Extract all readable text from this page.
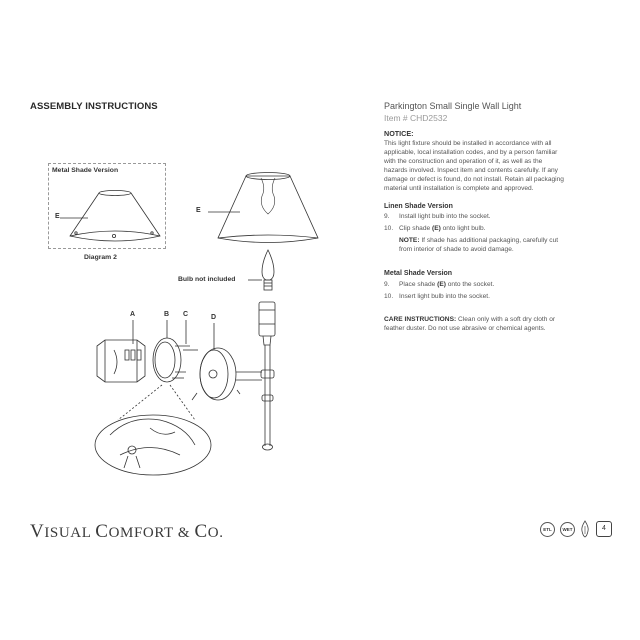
ASSEMBLY INSTRUCTIONS	Parkington Small Single Wall Light
Item # CHD2532
NOTICE:
This light fixture should be installed in accordance with all
applicable, local installation codes, and by a person familiar
with the construction and operation of it, as well as the
hazards involved. Inspect item and contents carefully. If any
damage or defect is found, do not install. Retain all packaging
material until installation is complete and approved.
Linen Shade Version
9. Install light bulb into the socket.
10. Clip shade (E) onto light bulb.
NOTE: If shade has additional packaging, carefully cut
from interior of shade to avoid damage.
Metal Shade Version
9. Place shade (E) onto the socket.
10. Insert light bulb into the socket.
CARE INSTRUCTIONS: Clean only with a soft dry cloth or
feather duster. Do not use abrasive or chemical agents.
Metal Shade Version
Diagram 2
Bulb not included
E
E
A	B C	D
VISUAL COMFORT & CO.	ETL	WET	4
